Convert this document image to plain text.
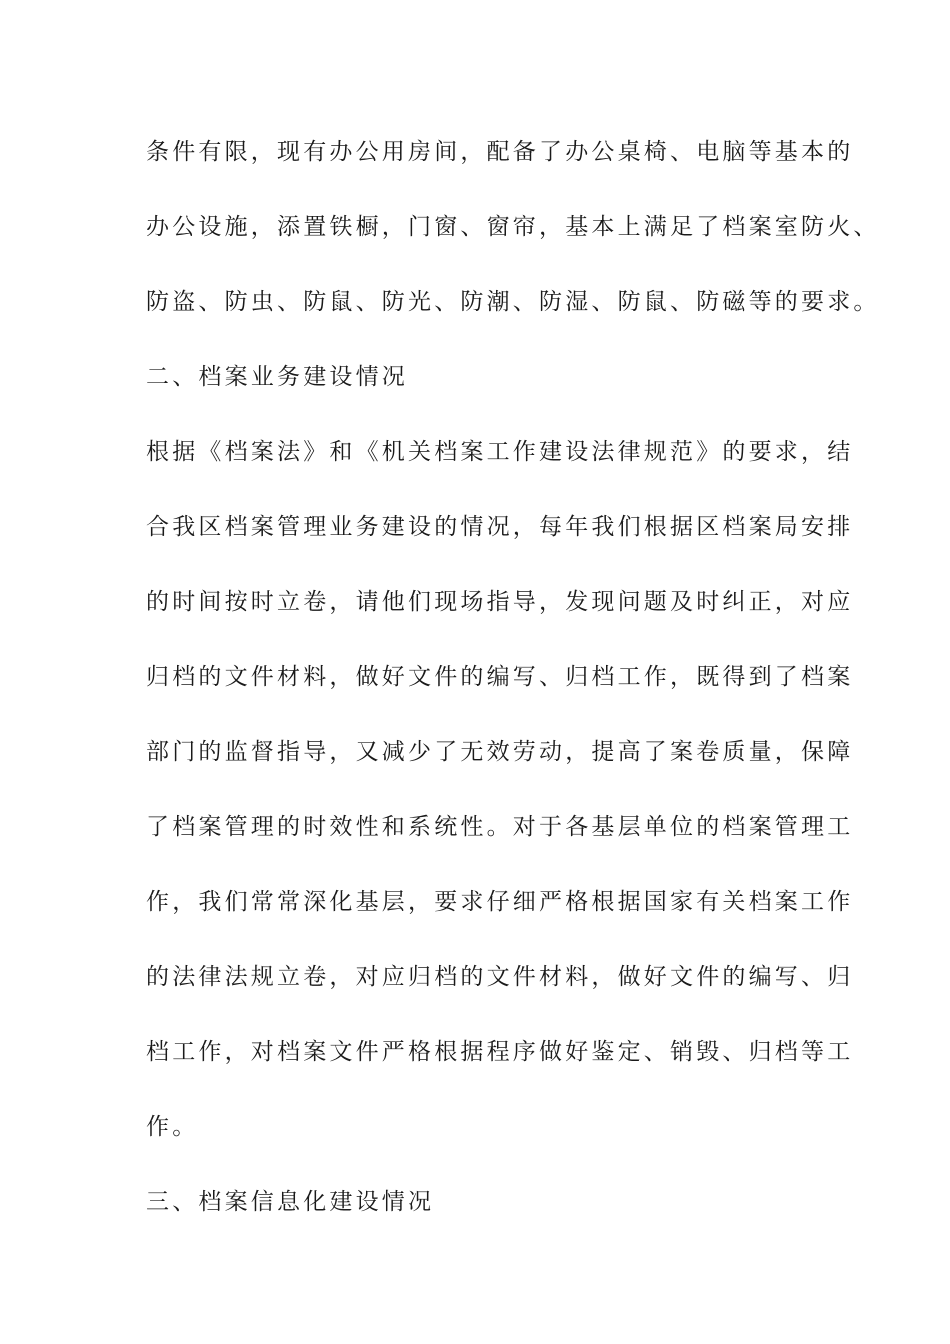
条件有限，现有办公用房间，配备了办公桌椅、电脑等基本的
办公设施，添置铁橱，门窗、窗帘，基本上满足了档案室防火、
防盗、防虫、防鼠、防光、防潮、防湿、防鼠、防磁等的要求。
二、档案业务建设情况
根据《档案法》和《机关档案工作建设法律规范》的要求，结
合我区档案管理业务建设的情况，每年我们根据区档案局安排
的时间按时立卷，请他们现场指导，发现问题及时纠正，对应
归档的文件材料，做好文件的编写、归档工作，既得到了档案
部门的监督指导，又减少了无效劳动，提高了案卷质量，保障
了档案管理的时效性和系统性。对于各基层单位的档案管理工
作，我们常常深化基层，要求仔细严格根据国家有关档案工作
的法律法规立卷，对应归档的文件材料，做好文件的编写、归
档工作，对档案文件严格根据程序做好鉴定、销毁、归档等工
作。
三、档案信息化建设情况
